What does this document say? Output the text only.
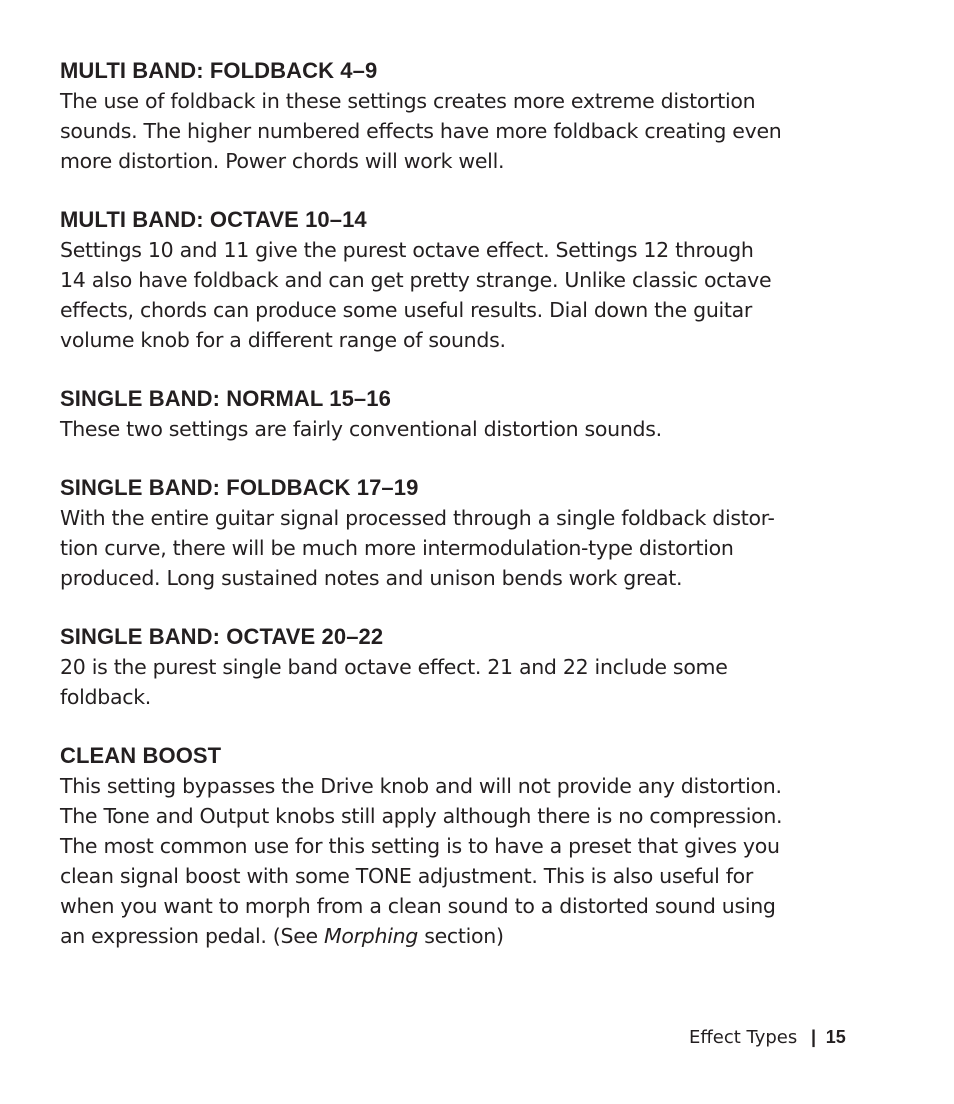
MULTI BAND: FOLDBACK 4–9
The use of foldback in these settings creates more extreme distortion
sounds. The higher numbered effects have more foldback creating even
more distortion. Power chords will work well.
MULTI BAND: OCTAVE 10–14
Settings 10 and 11 give the purest octave effect. Settings 12 through
14 also have foldback and can get pretty strange. Unlike classic octave
effects, chords can produce some useful results. Dial down the guitar
volume knob for a different range of sounds.
SINGLE BAND: NORMAL 15–16
These two settings are fairly conventional distortion sounds.
SINGLE BAND: FOLDBACK 17–19
With the entire guitar signal processed through a single foldback distor-
tion curve, there will be much more intermodulation-type distortion
produced. Long sustained notes and unison bends work great.
SINGLE BAND: OCTAVE 20–22
20 is the purest single band octave effect. 21 and 22 include some
foldback.
CLEAN BOOST
This setting bypasses the Drive knob and will not provide any distortion.
The Tone and Output knobs still apply although there is no compression.
The most common use for this setting is to have a preset that gives you
clean signal boost with some TONE adjustment. This is also useful for
when you want to morph from a clean sound to a distorted sound using
an expression pedal. (See Morphing section)
Effect Types | 15
